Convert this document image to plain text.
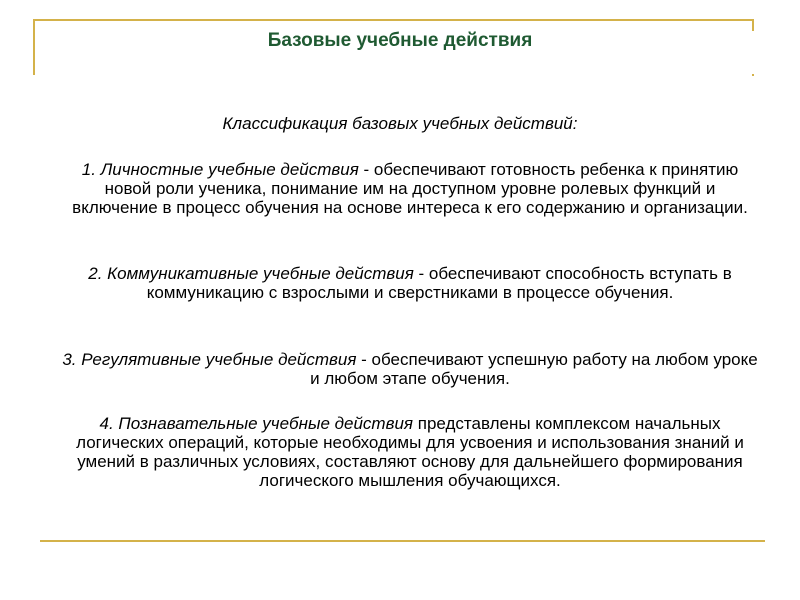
Базовые учебные действия
Классификация базовых учебных действий:
1. Личностные учебные действия - обеспечивают готовность ребенка к принятию новой роли ученика, понимание им на доступном уровне ролевых функций и включение в процесс обучения на основе интереса к его содержанию и организации.
2. Коммуникативные учебные действия - обеспечивают способность вступать в коммуникацию с взрослыми и сверстниками в процессе обучения.
3. Регулятивные учебные действия - обеспечивают успешную работу на любом уроке и любом этапе обучения.
4. Познавательные учебные действия представлены комплексом начальных логических операций, которые необходимы для усвоения и использования знаний и умений в различных условиях, составляют основу для дальнейшего формирования логического мышления обучающихся.
